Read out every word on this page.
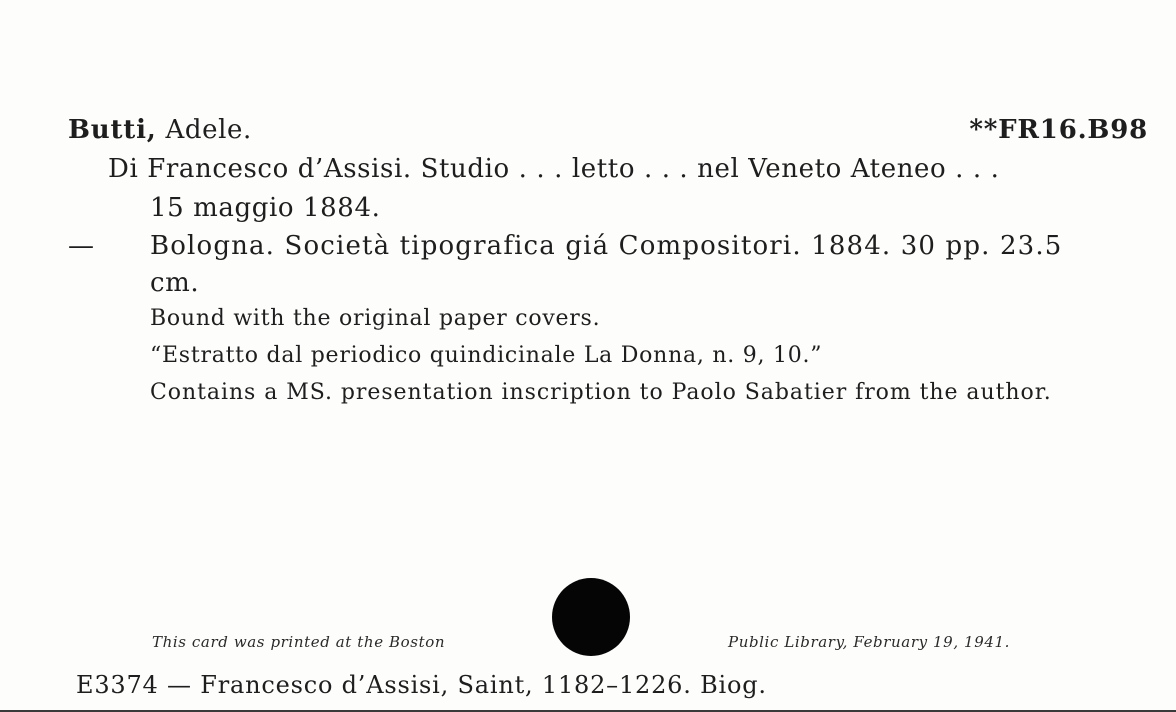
Butti, Adele.	**FR16.B98
Di Francesco d’Assisi. Studio . . . letto . . . nel Veneto Ateneo . . .
15 maggio 1884.
— Bologna. Società tipografica giá Compositori. 1884. 30 pp. 23.5
cm.
Bound with the original paper covers.
“Estratto dal periodico quindicinale La Donna, n. 9, 10.”
Contains a MS. presentation inscription to Paolo Sabatier from the author.
This card was printed at the Boston	Public Library, February 19, 1941.
E3374 — Francesco d’Assisi, Saint, 1182–1226. Biog.
